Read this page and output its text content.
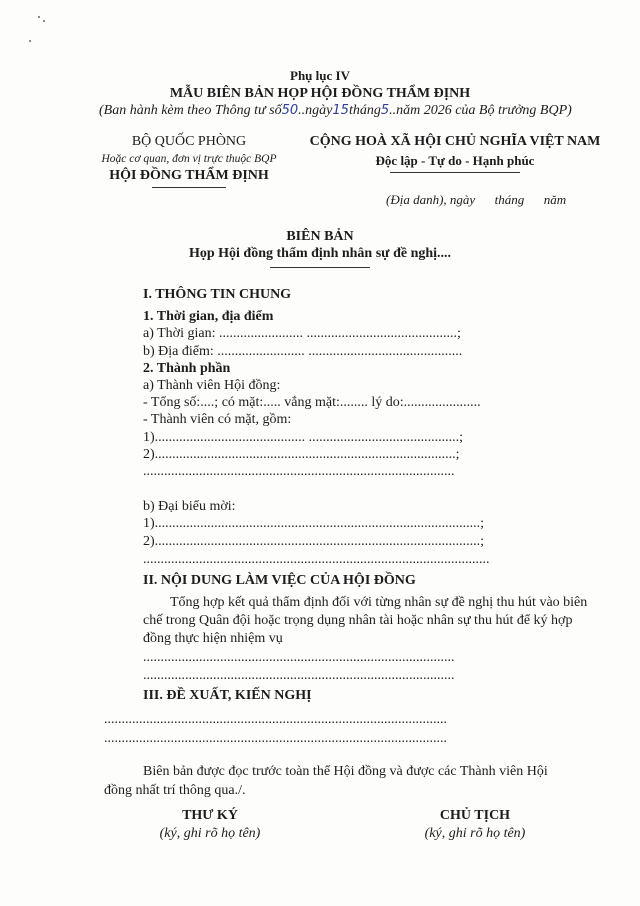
Phụ lục IV
MẪU BIÊN BẢN HỌP HỘI ĐỒNG THẨM ĐỊNH
(Ban hành kèm theo Thông tư số50..ngày15tháng5..năm 2026 của Bộ trưởng BQP)
BỘ QUỐC PHÒNG
Hoặc cơ quan, đơn vị trực thuộc BQP
HỘI ĐỒNG THẨM ĐỊNH
CỘNG HOÀ XÃ HỘI CHỦ NGHĨA VIỆT NAM
Độc lập - Tự do - Hạnh phúc
(Địa danh), ngày      tháng      năm
BIÊN BẢN
Họp Hội đồng thẩm định nhân sự đề nghị....
I. THÔNG TIN CHUNG
1. Thời gian, địa điểm
a) Thời gian: ........................ ...........................................;
b) Địa điểm: ......................... ............................................
2. Thành phần
a) Thành viên Hội đồng:
- Tổng số:....; có mặt:..... vắng mặt:........ lý do:......................
- Thành viên có mặt, gồm:
1)........................................... ...........................................;
2)......................................................................................;
.........................................................................................
b) Đại biểu mời:
1).............................................................................................;
2).............................................................................................;
...................................................................................................
II. NỘI DUNG LÀM VIỆC CỦA HỘI ĐỒNG
Tổng hợp kết quả thẩm định đối với từng nhân sự đề nghị thu hút vào biên
chế trong Quân đội hoặc trọng dụng nhân tài hoặc nhân sự thu hút để ký hợp
đồng thực hiện nhiệm vụ
.........................................................................................
.........................................................................................
III. ĐỀ XUẤT, KIẾN NGHỊ
..................................................................................................
..................................................................................................
Biên bản được đọc trước toàn thể Hội đồng và được các Thành viên Hội
đồng nhất trí thông qua./.
THƯ KÝ
(ký, ghi rõ họ tên)
CHỦ TỊCH
(ký, ghi rõ họ tên)
